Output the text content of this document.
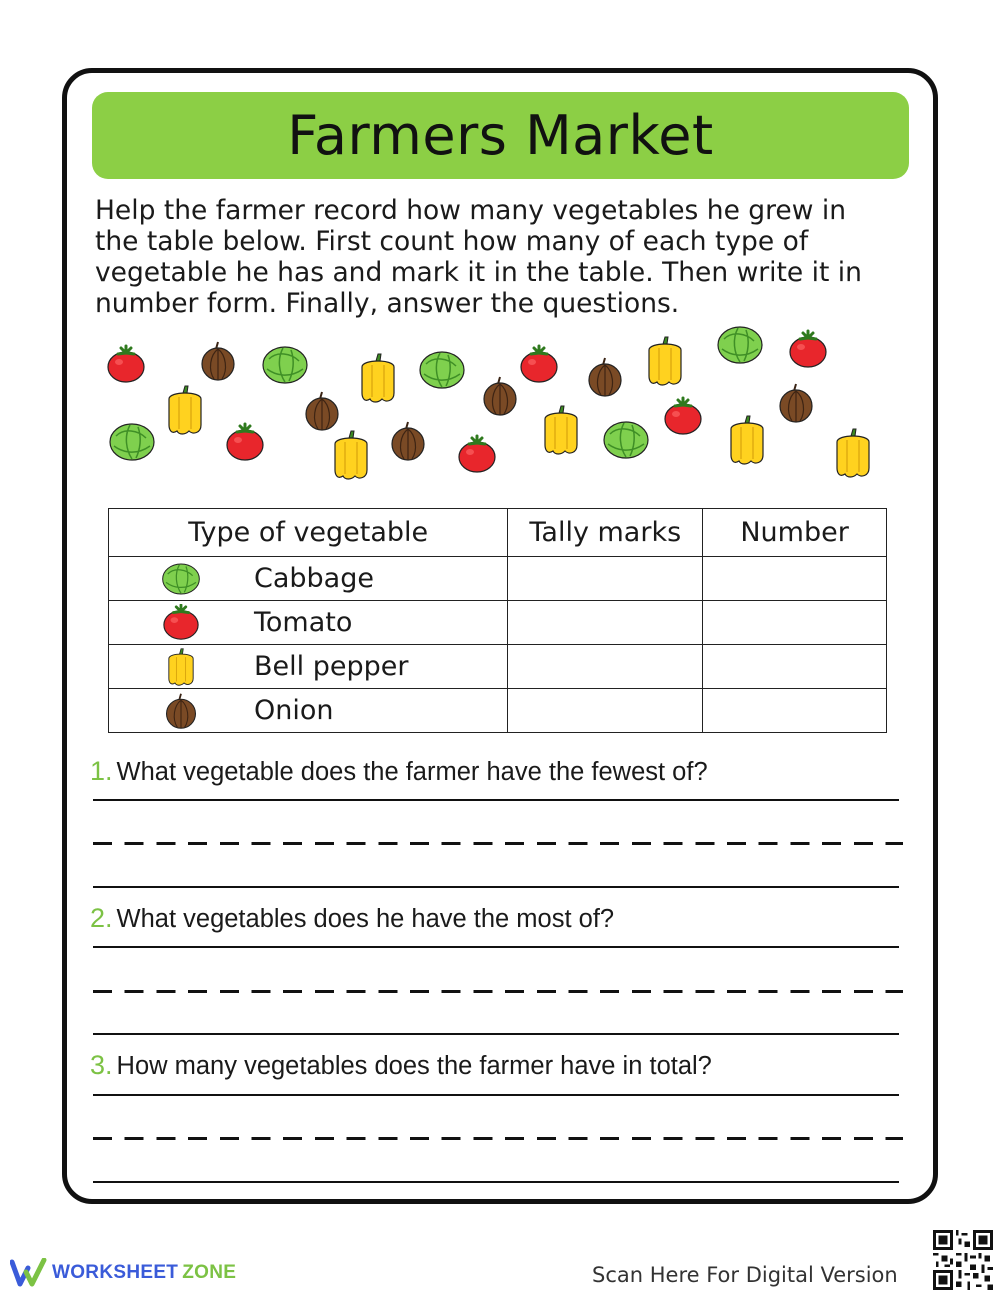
Farmers Market

Help the farmer record how many vegetables he grew in the table below. First count how many of each type of vegetable he has and mark it in the table. Then write it in number form. Finally, answer the questions.

Type of vegetable	Tally marks	Number

Cabbage		

Tomato		

Bell pepper		

Onion		

1. What vegetable does the farmer have the fewest of?
2. What vegetables does he have the most of?
3. How many vegetables does the farmer have in total?
WORKSHEET ZONE	Scan Here For Digital Version
